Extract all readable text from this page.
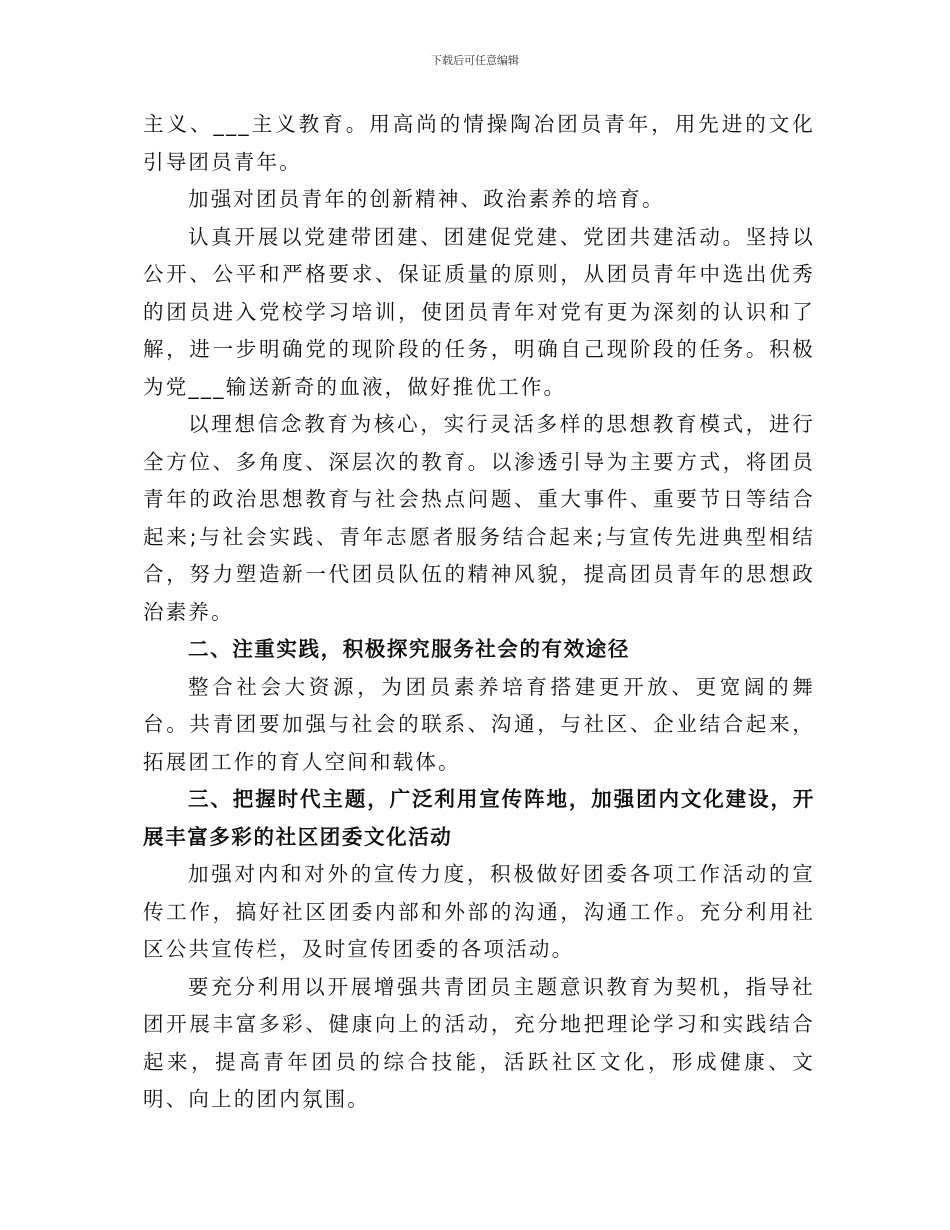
下载后可任意编辑

主义、___主义教育。用高尚的情操陶冶团员青年，用先进的文化引导团员青年。

加强对团员青年的创新精神、政治素养的培育。

认真开展以党建带团建、团建促党建、党团共建活动。坚持以公开、公平和严格要求、保证质量的原则，从团员青年中选出优秀的团员进入党校学习培训，使团员青年对党有更为深刻的认识和了解，进一步明确党的现阶段的任务，明确自己现阶段的任务。积极为党___输送新奇的血液，做好推优工作。

以理想信念教育为核心，实行灵活多样的思想教育模式，进行全方位、多角度、深层次的教育。以渗透引导为主要方式，将团员青年的政治思想教育与社会热点问题、重大事件、重要节日等结合起来;与社会实践、青年志愿者服务结合起来;与宣传先进典型相结合，努力塑造新一代团员队伍的精神风貌，提高团员青年的思想政治素养。

二、注重实践，积极探究服务社会的有效途径

整合社会大资源，为团员素养培育搭建更开放、更宽阔的舞台。共青团要加强与社会的联系、沟通，与社区、企业结合起来，拓展团工作的育人空间和载体。

三、把握时代主题，广泛利用宣传阵地，加强团内文化建设，开展丰富多彩的社区团委文化活动

加强对内和对外的宣传力度，积极做好团委各项工作活动的宣传工作，搞好社区团委内部和外部的沟通，沟通工作。充分利用社区公共宣传栏，及时宣传团委的各项活动。

要充分利用以开展增强共青团员主题意识教育为契机，指导社团开展丰富多彩、健康向上的活动，充分地把理论学习和实践结合起来，提高青年团员的综合技能，活跃社区文化，形成健康、文明、向上的团内氛围。
